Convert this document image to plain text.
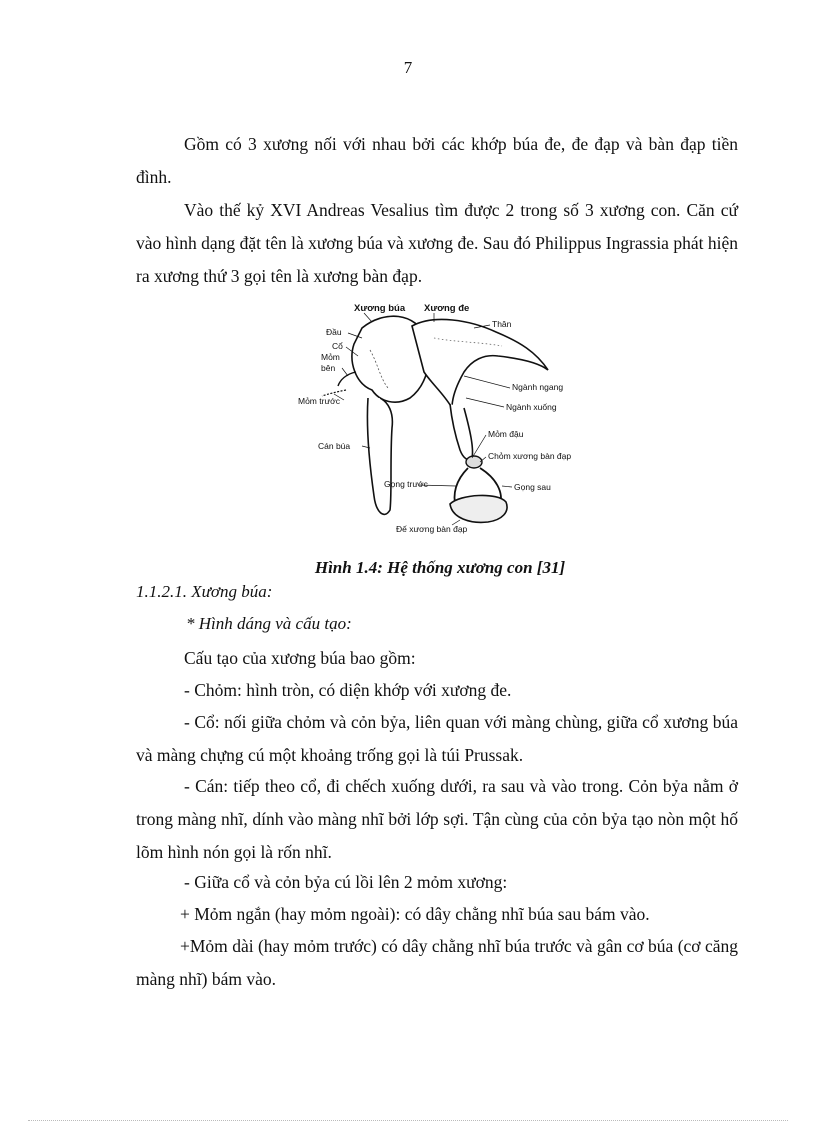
7

Gồm có 3 xương nối với nhau bởi các khớp búa đe, đe đạp và bàn đạp tiền đình.

Vào thế kỷ XVI Andreas Vesalius tìm được 2 trong số 3 xương con. Căn cứ vào hình dạng đặt tên là xương búa và xương đe. Sau đó Philippus Ingrassia phát hiện ra xương thứ 3 gọi tên là xương bàn đạp.

Xương búa Xương đe
Thân
Đầu
Cổ
Mỏm
bên
Mỏm trước
Ngành ngang
Ngành xuống
Cán búa
Mỏm đậu
Chỏm xương bàn đạp
Gọng trước	Gọng sau
Đế xương bàn đạp
Hình 1.4: Hệ thống xương con [31]
1.1.2.1. Xương búa:
* Hình dáng và cấu tạo:
Cấu tạo của xương búa bao gồm:
- Chỏm: hình tròn, có diện khớp với xương đe.

- Cổ: nối giữa chỏm và cỏn bỷa, liên quan với màng chùng, giữa cổ xương búa và màng chựng cú một khoảng trống gọi là túi Prussak.

- Cán: tiếp theo cổ, đi chếch xuống dưới, ra sau và vào trong. Cỏn bỷa nằm ở trong màng nhĩ, dính vào màng nhĩ bởi lớp sợi. Tận cùng của cỏn bỷa tạo nòn một hố lõm hình nón gọi là rốn nhĩ.

- Giữa cổ và cỏn bỷa cú lồi lên 2 mỏm xương:
+ Mỏm ngắn (hay mỏm ngoài): có dây chằng nhĩ búa sau bám vào.

+Mỏm dài (hay mỏm trước) có dây chằng nhĩ búa trước và gân cơ búa (cơ căng màng nhĩ) bám vào.
